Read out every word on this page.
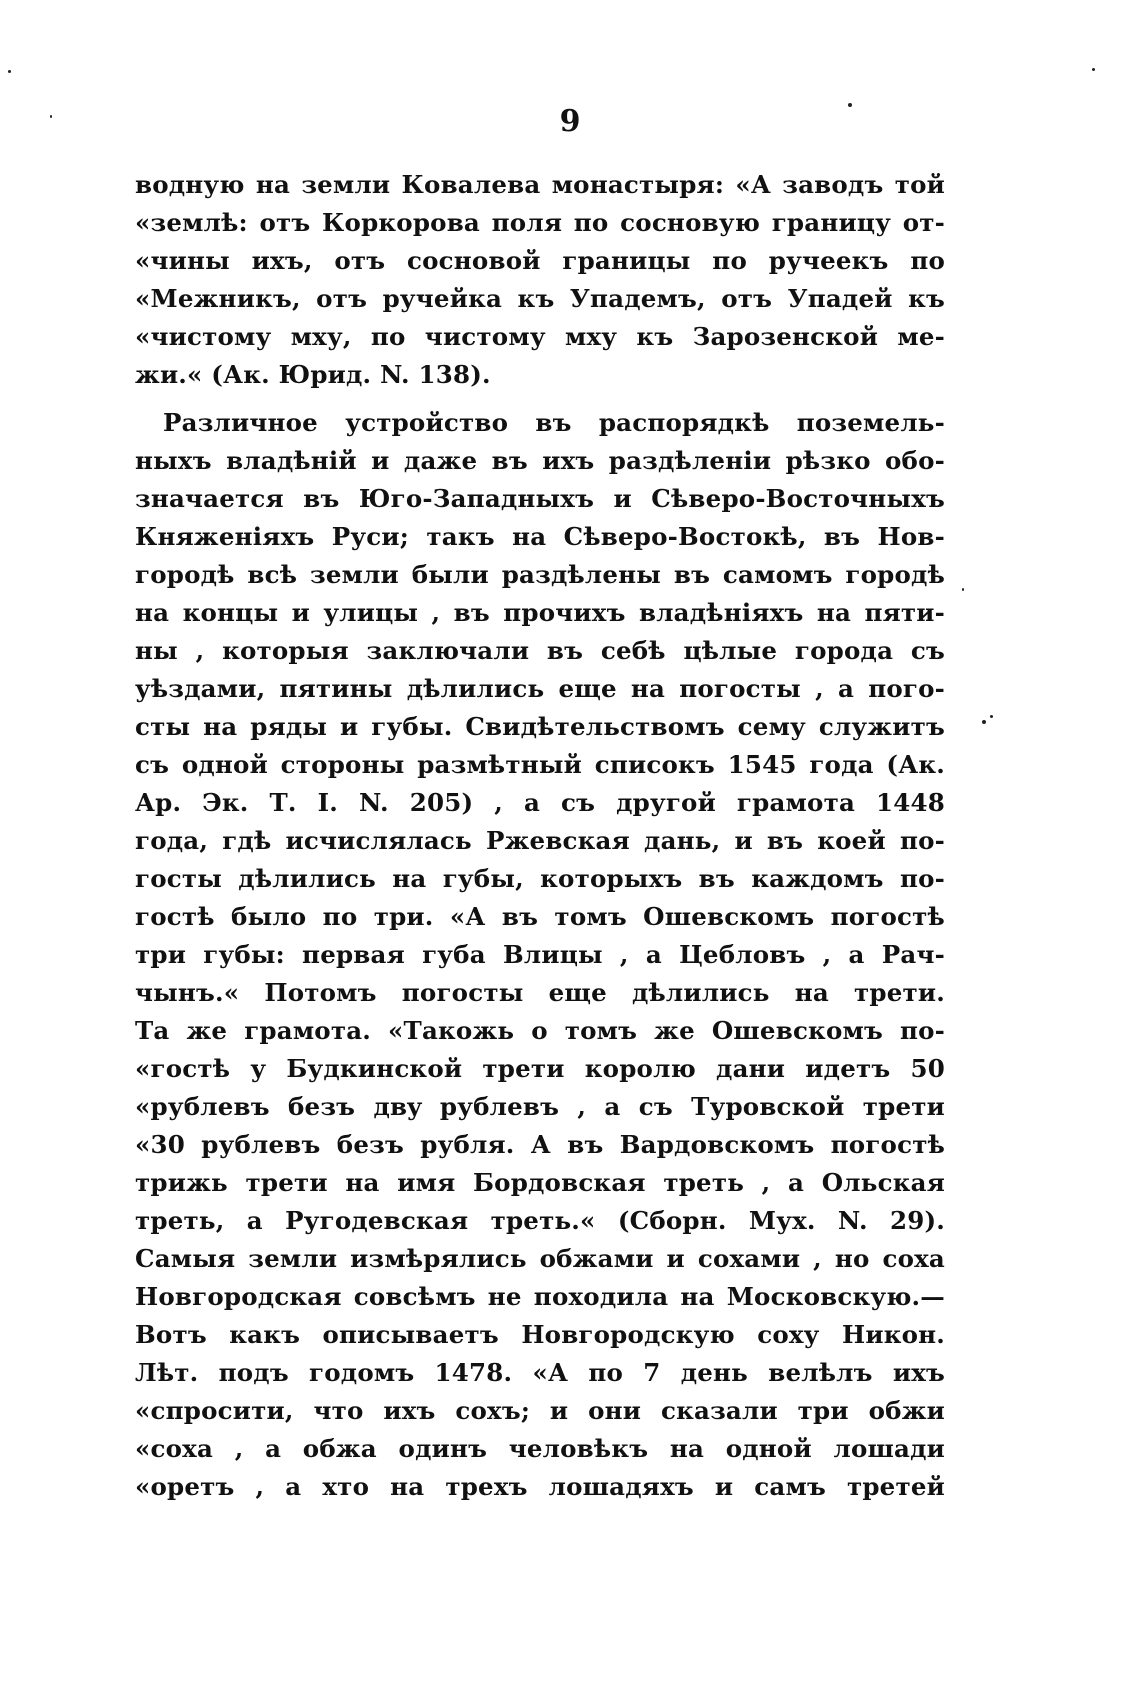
9
водную на земли Ковалева монастыря: «А заводъ той
«землѣ: отъ Коркорова поля по сосновую границу от-
«чины ихъ, отъ сосновой границы по ручеекъ по
«Межникъ, отъ ручейка къ Упадемъ, отъ Упадей къ
«чистому мху, по чистому мху къ Зарозенской ме-
жи.« (Ак. Юрид. N. 138).
Различное устройство въ распорядкѣ поземель-
ныхъ владѣній и даже въ ихъ раздѣленіи рѣзко обо-
значается въ Юго-Западныхъ и Сѣверо-Восточныхъ
Княженіяхъ Руси; такъ на Сѣверо-Востокѣ, въ Нов-
городѣ всѣ земли были раздѣлены въ самомъ городѣ
на концы и улицы , въ прочихъ владѣніяхъ на пяти-
ны , которыя заключали въ себѣ цѣлые города съ
уѣздами, пятины дѣлились еще на погосты , а пого-
сты на ряды и губы. Свидѣтельствомъ сему служитъ
съ одной стороны размѣтный списокъ 1545 года (Ак.
Ар. Эк. Т. I. N. 205) , а съ другой грамота 1448
года, гдѣ исчислялась Ржевская дань, и въ коей по-
госты дѣлились на губы, которыхъ въ каждомъ по-
гостѣ было по три. «А въ томъ Ошевскомъ погостѣ
три губы: первая губа Влицы , а Цебловъ , а Рач-
чынъ.« Потомъ погосты еще дѣлились на трети.
Та же грамота. «Такожь о томъ же Ошевскомъ по-
«гостѣ у Будкинской трети королю дани идетъ 50
«рублевъ безъ двy рублевъ , а съ Туровской трети
«30 рублевъ безъ рубля. А въ Вардовскомъ погостѣ
трижь трети на имя Бордовская треть , а Ольская
треть, а Ругодевская треть.« (Сборн. Мух. N. 29).
Самыя земли измѣрялись обжами и сохами , но соха
Новгородская совсѣмъ не походила на Московскую.—
Вотъ какъ описываетъ Новгородскую соху Никон.
Лѣт. подъ годомъ 1478. «А по 7 день велѣлъ ихъ
«спросити, что ихъ сохъ; и они сказали три обжи
«соха , а обжа одинъ человѣкъ на одной лошади
«оретъ , а хто на трехъ лошадяхъ и самъ третей
